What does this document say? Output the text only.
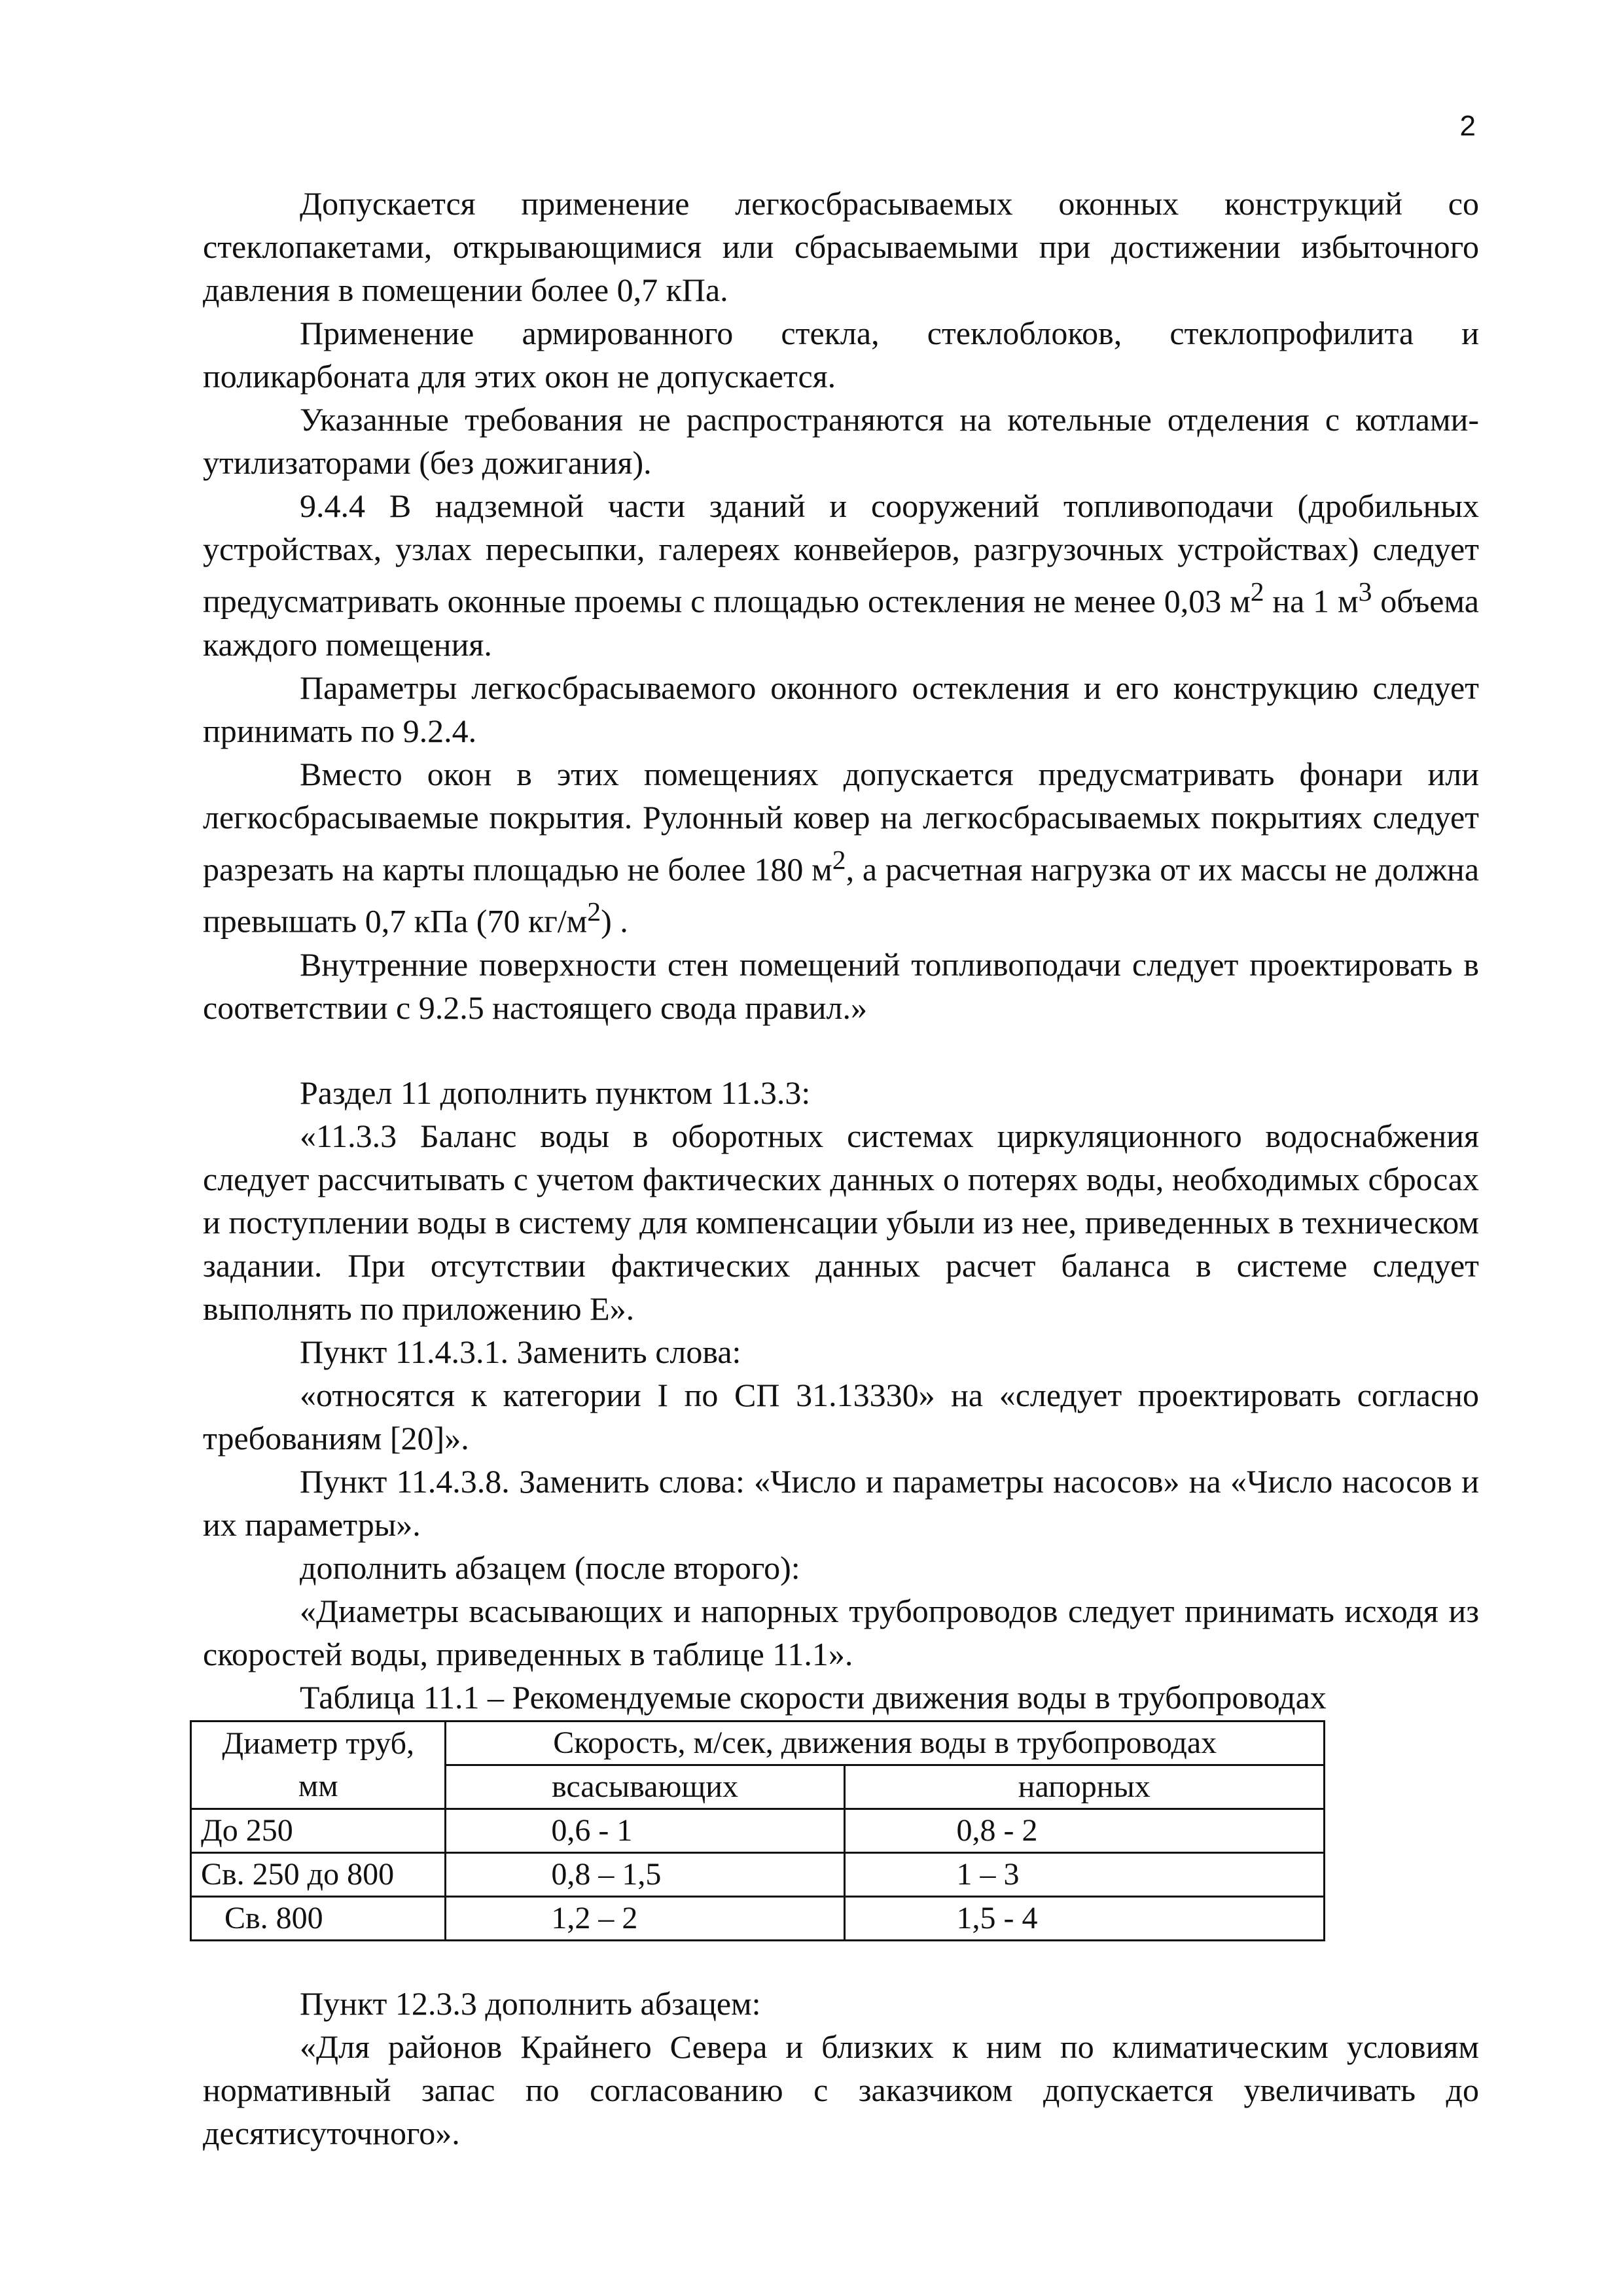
2

Допускается применение легкосбрасываемых оконных конструкций со стеклопакетами, открывающимися или сбрасываемыми при достижении избыточного давления в помещении более 0,7 кПа.

Применение армированного стекла, стеклоблоков, стеклопрофилита и поликарбоната для этих окон не допускается.

Указанные требования не распространяются на котельные отделения с котлами-утилизаторами (без дожигания).

9.4.4 В надземной части зданий и сооружений топливоподачи (дробильных устройствах, узлах пересыпки, галереях конвейеров, разгрузочных устройствах) следует предусматривать оконные проемы с площадью остекления не менее 0,03 $м^2$ на 1 $м^3$ объема каждого помещения.

Параметры легкосбрасываемого оконного остекления и его конструкцию следует принимать по 9.2.4.

Вместо окон в этих помещениях допускается предусматривать фонари или легкосбрасываемые покрытия. Рулонный ковер на легкосбрасываемых покрытиях следует разрезать на карты площадью не более 180 $м^2$, а расчетная нагрузка от их массы не должна превышать 0,7 кПа (70 $кг/м^2$) .

Внутренние поверхности стен помещений топливоподачи следует проектировать в соответствии с 9.2.5 настоящего свода правил.»

Раздел 11 дополнить пунктом 11.3.3:

«11.3.3 Баланс воды в оборотных системах циркуляционного водоснабжения следует рассчитывать с учетом фактических данных о потерях воды, необходимых сбросах и поступлении воды в систему для компенсации убыли из нее, приведенных в техническом задании. При отсутствии фактических данных расчет баланса в системе следует выполнять по приложению Е».

Пункт 11.4.3.1. Заменить слова:

«относятся к категории I по СП 31.13330» на «следует проектировать согласно требованиям [20]».

Пункт 11.4.3.8. Заменить слова: «Число и параметры насосов» на «Число насосов и их параметры».

дополнить абзацем (после второго):

«Диаметры всасывающих и напорных трубопроводов следует принимать исходя из скоростей воды, приведенных в таблице 11.1».

Таблица 11.1 – Рекомендуемые скорости движения воды в трубопроводах

Диаметр труб,	Скорость, м/сек, движения воды в трубопроводах	
мм	всасывающих	напорных
До 250	0,6 - 1	0,8 - 2
Св. 250 до 800	0,8 – 1,5	1 – 3
Св. 800	1,2 – 2	1,5 - 4

Пункт 12.3.3 дополнить абзацем:

«Для районов Крайнего Севера и близких к ним по климатическим условиям нормативный запас по согласованию с заказчиком допускается увеличивать до десятисуточного».
